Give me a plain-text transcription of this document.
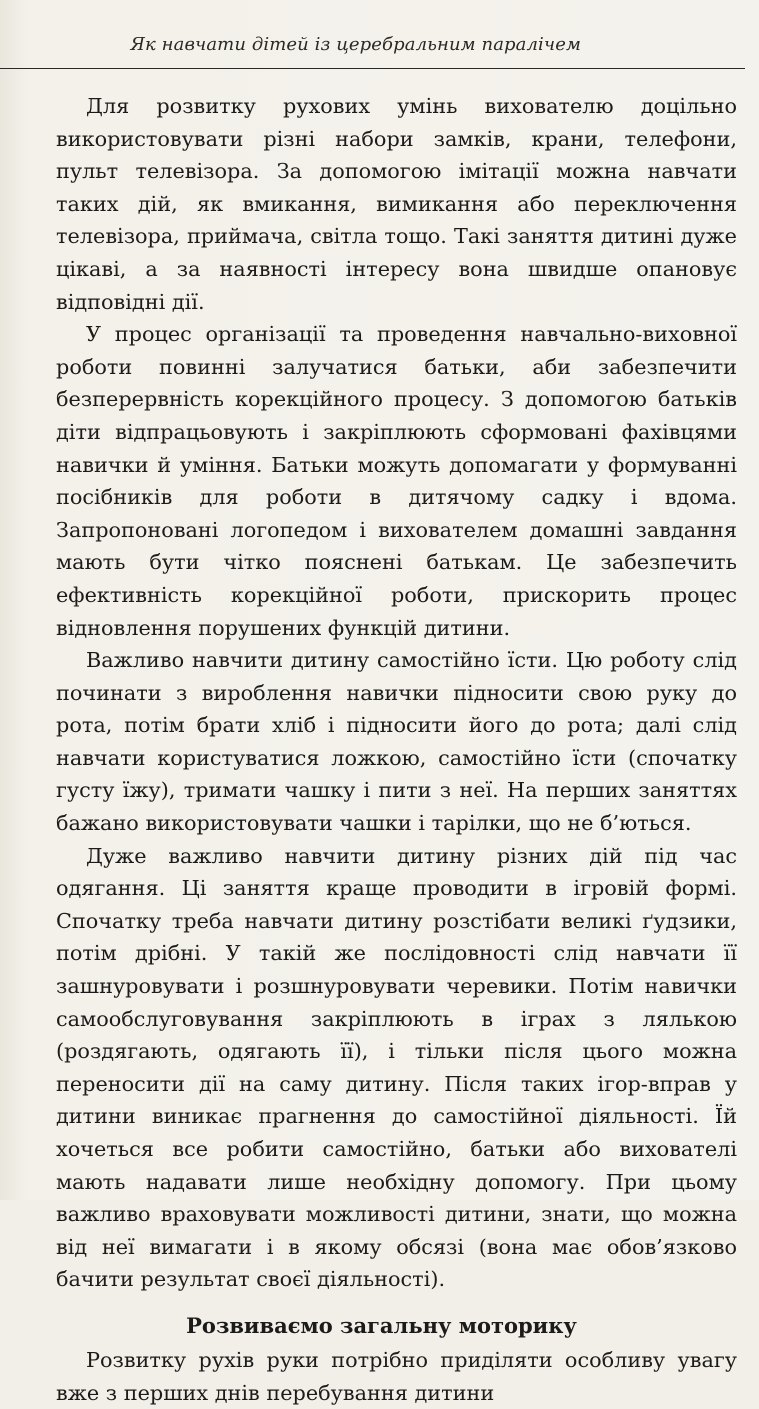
Як навчати дітей із церебральним паралічем

Для розвитку рухових умінь вихователю доцільно використовувати різні набори замків, крани, телефони, пульт телевізора. За допомогою імітації можна навчати таких дій, як вмикання, вимикання або переключення телевізора, приймача, світла тощо. Такі заняття дитині дуже цікаві, а за наявності інтересу вона швидше опановує відповідні дії.

У процес організації та проведення навчально-виховної роботи повинні залучатися батьки, аби забезпечити безперервність корекційного процесу. З допомогою батьків діти відпрацьовують і закріплюють сформовані фахівцями навички й уміння. Батьки можуть допомагати у формуванні посібників для роботи в дитячому садку і вдома. Запропоновані логопедом і вихователем домашні завдання мають бути чітко пояснені батькам. Це забезпечить ефективність корекційної роботи, прискорить процес відновлення порушених функцій дитини.

Важливо навчити дитину самостійно їсти. Цю роботу слід починати з вироблення навички підносити свою руку до рота, потім брати хліб і підносити його до рота; далі слід навчати користуватися ложкою, самостійно їсти (спочатку густу їжу), тримати чашку і пити з неї. На перших заняттях бажано використовувати чашки і тарілки, що не б’ються.

Дуже важливо навчити дитину різних дій під час одягання. Ці заняття краще проводити в ігровій формі. Спочатку треба навчати дитину розстібати великі ґудзики, потім дрібні. У такій же послідовності слід навчати її зашнуровувати і розшнуровувати черевики. Потім навички самообслуговування закріплюють в іграх з лялькою (роздягають, одягають її), і тільки після цього можна переносити дії на саму дитину. Після таких ігор-вправ у дитини виникає прагнення до самостійної діяльності. Їй хочеться все робити самостійно, батьки або вихователі мають надавати лише необхідну допомогу. При цьому важливо враховувати можливості дитини, знати, що можна від неї вимагати і в якому обсязі (вона має обов’язково бачити результат своєї діяльності).

Розвиваємо загальну моторику

Розвитку рухів руки потрібно приділяти особливу увагу вже з перших днів перебування дитини
